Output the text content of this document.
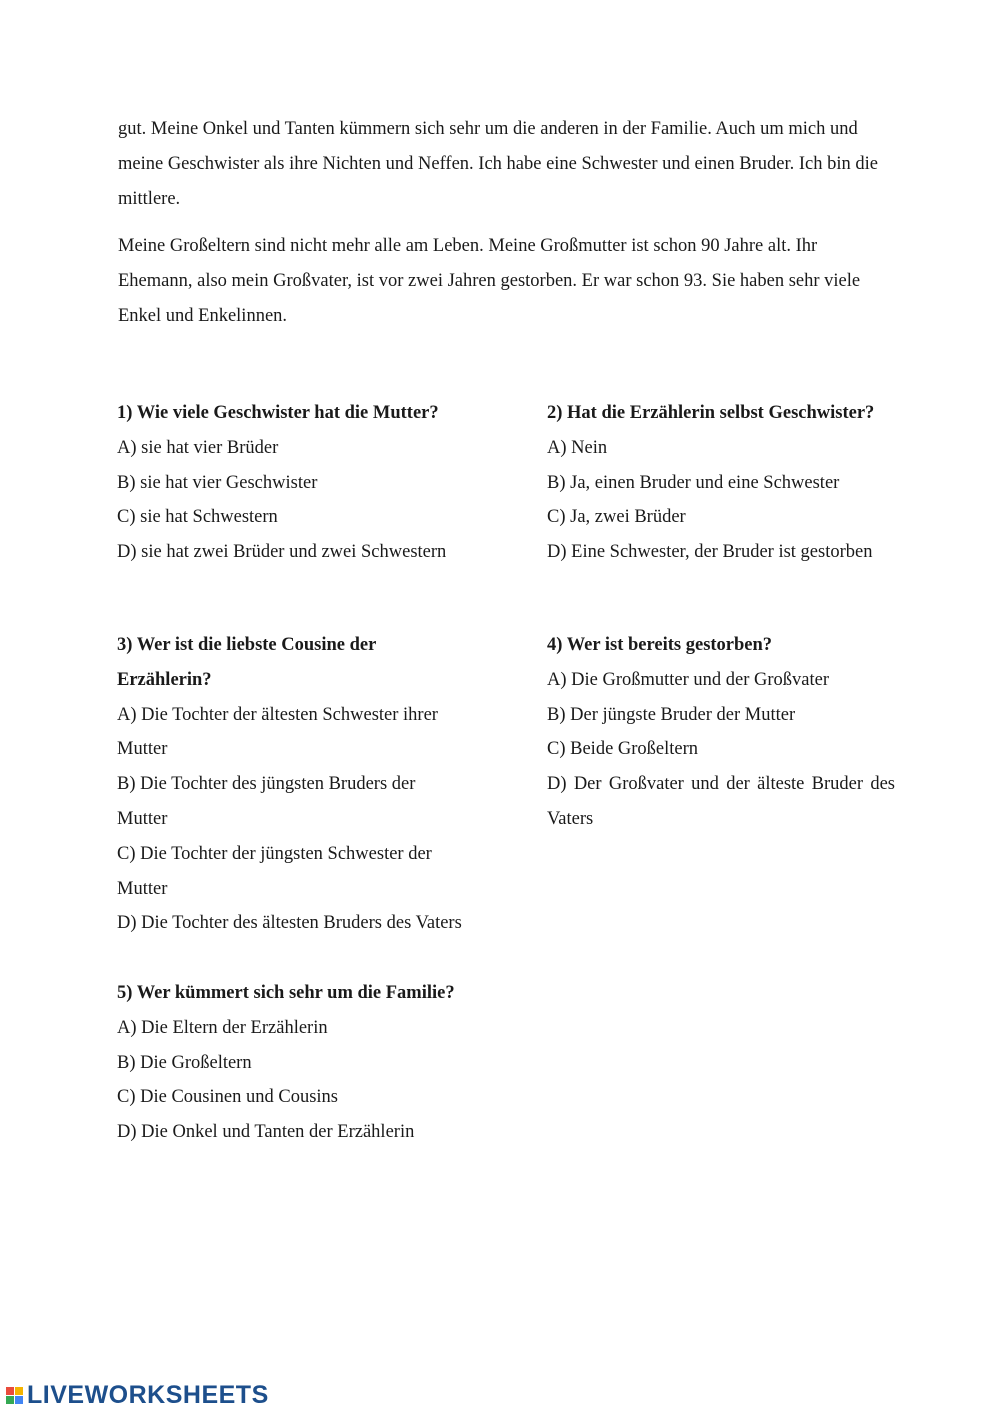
gut. Meine Onkel und Tanten kümmern sich sehr um die anderen in der Familie. Auch um mich und meine Geschwister als ihre Nichten und Neffen. Ich habe eine Schwester und einen Bruder. Ich bin die mittlere.

Meine Großeltern sind nicht mehr alle am Leben. Meine Großmutter ist schon 90 Jahre alt. Ihr Ehemann, also mein Großvater, ist vor zwei Jahren gestorben. Er war schon 93. Sie haben sehr viele Enkel und Enkelinnen.

1) Wie viele Geschwister hat die Mutter?

A) sie hat vier Brüder

B) sie hat vier Geschwister

C) sie hat Schwestern

D) sie hat zwei Brüder und zwei Schwestern

2) Hat die Erzählerin selbst Geschwister?

A) Nein

B) Ja, einen Bruder und eine Schwester

C) Ja, zwei Brüder

D) Eine Schwester, der Bruder ist gestorben

3) Wer ist die liebste Cousine der Erzählerin?

A) Die Tochter der ältesten Schwester ihrer Mutter

B) Die Tochter des jüngsten Bruders der Mutter

C) Die Tochter der jüngsten Schwester der Mutter

D) Die Tochter des ältesten Bruders des Vaters

4) Wer ist bereits gestorben?

A) Die Großmutter und der Großvater

B) Der jüngste Bruder der Mutter

C) Beide Großeltern

D) Der Großvater und der älteste Bruder des Vaters

5) Wer kümmert sich sehr um die Familie?

A) Die Eltern der Erzählerin

B) Die Großeltern

C) Die Cousinen und Cousins

D) Die Onkel und Tanten der Erzählerin

LIVEWORKSHEETS
